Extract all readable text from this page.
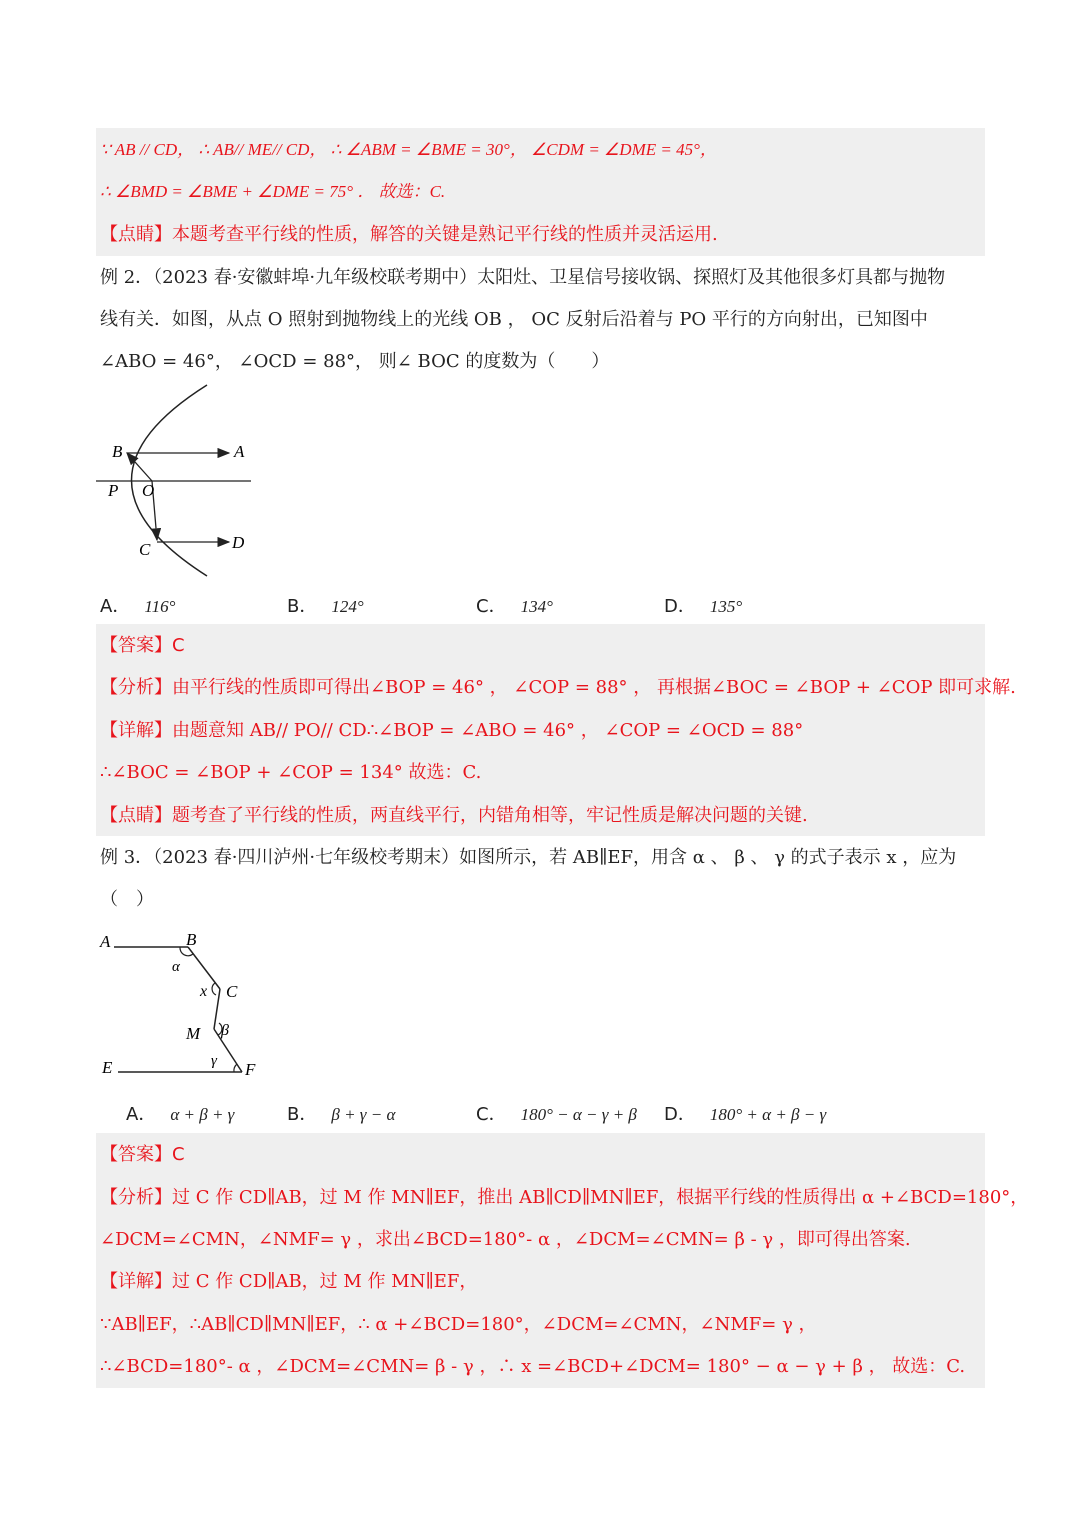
∵ AB // CD， ∴ AB// ME// CD， ∴ ∠ABM = ∠BME = 30°， ∠CDM = ∠DME = 45°，
∴ ∠BMD = ∠BME + ∠DME = 75° ． 故选：C.
【点睛】本题考查平行线的性质，解答的关键是熟记平行线的性质并灵活运用.
例 2．（2023 春·安徽蚌埠·九年级校联考期中）太阳灶、卫星信号接收锅、探照灯及其他很多灯具都与抛物
线有关．如图，从点 O 照射到抛物线上的光线 OB ， OC 反射后沿着与 PO 平行的方向射出，已知图中
∠ABO = 46°， ∠OCD = 88°， 则∠ BOC 的度数为（　　）
B	A
P O
C	D
A． 116°	B． 124°	C． 134°	D． 135°
【答案】C
【分析】由平行线的性质即可得出∠BOP = 46° ， ∠COP = 88° ， 再根据∠BOC = ∠BOP + ∠COP 即可求解.
【详解】由题意知 AB// PO// CD∴∠BOP = ∠ABO = 46° ， ∠COP = ∠OCD = 88°
∴∠BOC = ∠BOP + ∠COP = 134° 故选：C.
【点睛】题考查了平行线的性质，两直线平行，内错角相等，牢记性质是解决问题的关键.
例 3．（2023 春·四川泸州·七年级校考期末）如图所示，若 AB∥EF，用含 α 、 β 、 γ 的式子表示 x ，应为
（　）
A	B
α
x C
M β
γ
E	F
A． α + β + γ	B． β + γ − α	C． 180° − α − γ + β D． 180° + α + β − γ
【答案】C
【分析】过 C 作 CD∥AB，过 M 作 MN∥EF，推出 AB∥CD∥MN∥EF，根据平行线的性质得出 α +∠BCD=180°，
∠DCM=∠CMN，∠NMF= γ ，求出∠BCD=180°- α ，∠DCM=∠CMN= β - γ ，即可得出答案.
【详解】过 C 作 CD∥AB，过 M 作 MN∥EF，
∵AB∥EF，∴AB∥CD∥MN∥EF，∴ α +∠BCD=180°，∠DCM=∠CMN，∠NMF= γ ，
∴∠BCD=180°- α ，∠DCM=∠CMN= β - γ ，∴ x =∠BCD+∠DCM= 180° − α − γ + β ， 故选：C.
